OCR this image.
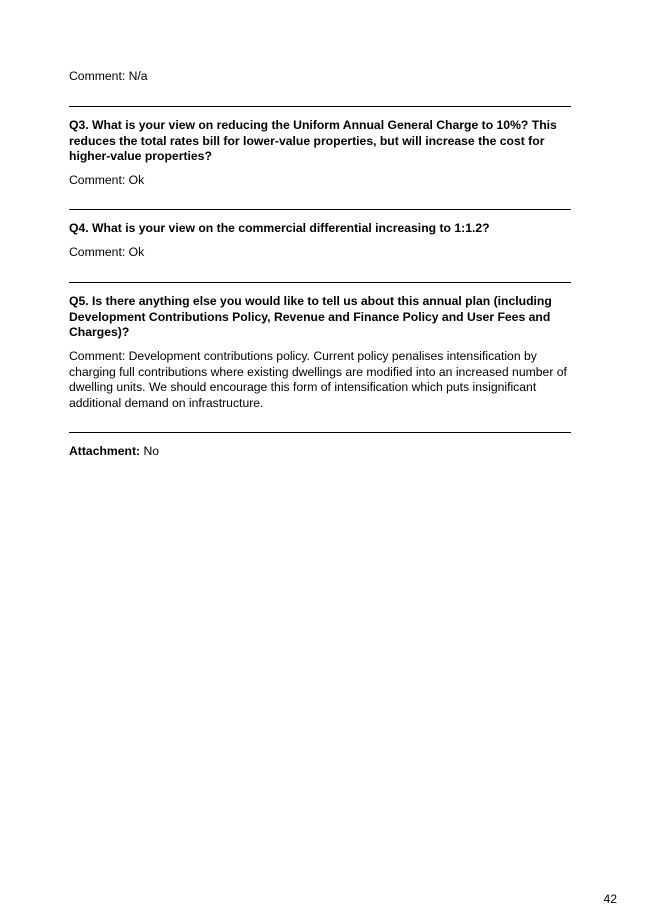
Comment: N/a

Q3. What is your view on reducing the Uniform Annual General Charge to 10%? This reduces the total rates bill for lower-value properties, but will increase the cost for higher-value properties?

Comment: Ok

Q4. What is your view on the commercial differential increasing to 1:1.2?

Comment: Ok

Q5. Is there anything else you would like to tell us about this annual plan (including Development Contributions Policy, Revenue and Finance Policy and User Fees and Charges)?

Comment: Development contributions policy. Current policy penalises intensification by charging full contributions where existing dwellings are modified into an increased number of dwelling units. We should encourage this form of intensification which puts insignificant additional demand on infrastructure.

Attachment: No

42
